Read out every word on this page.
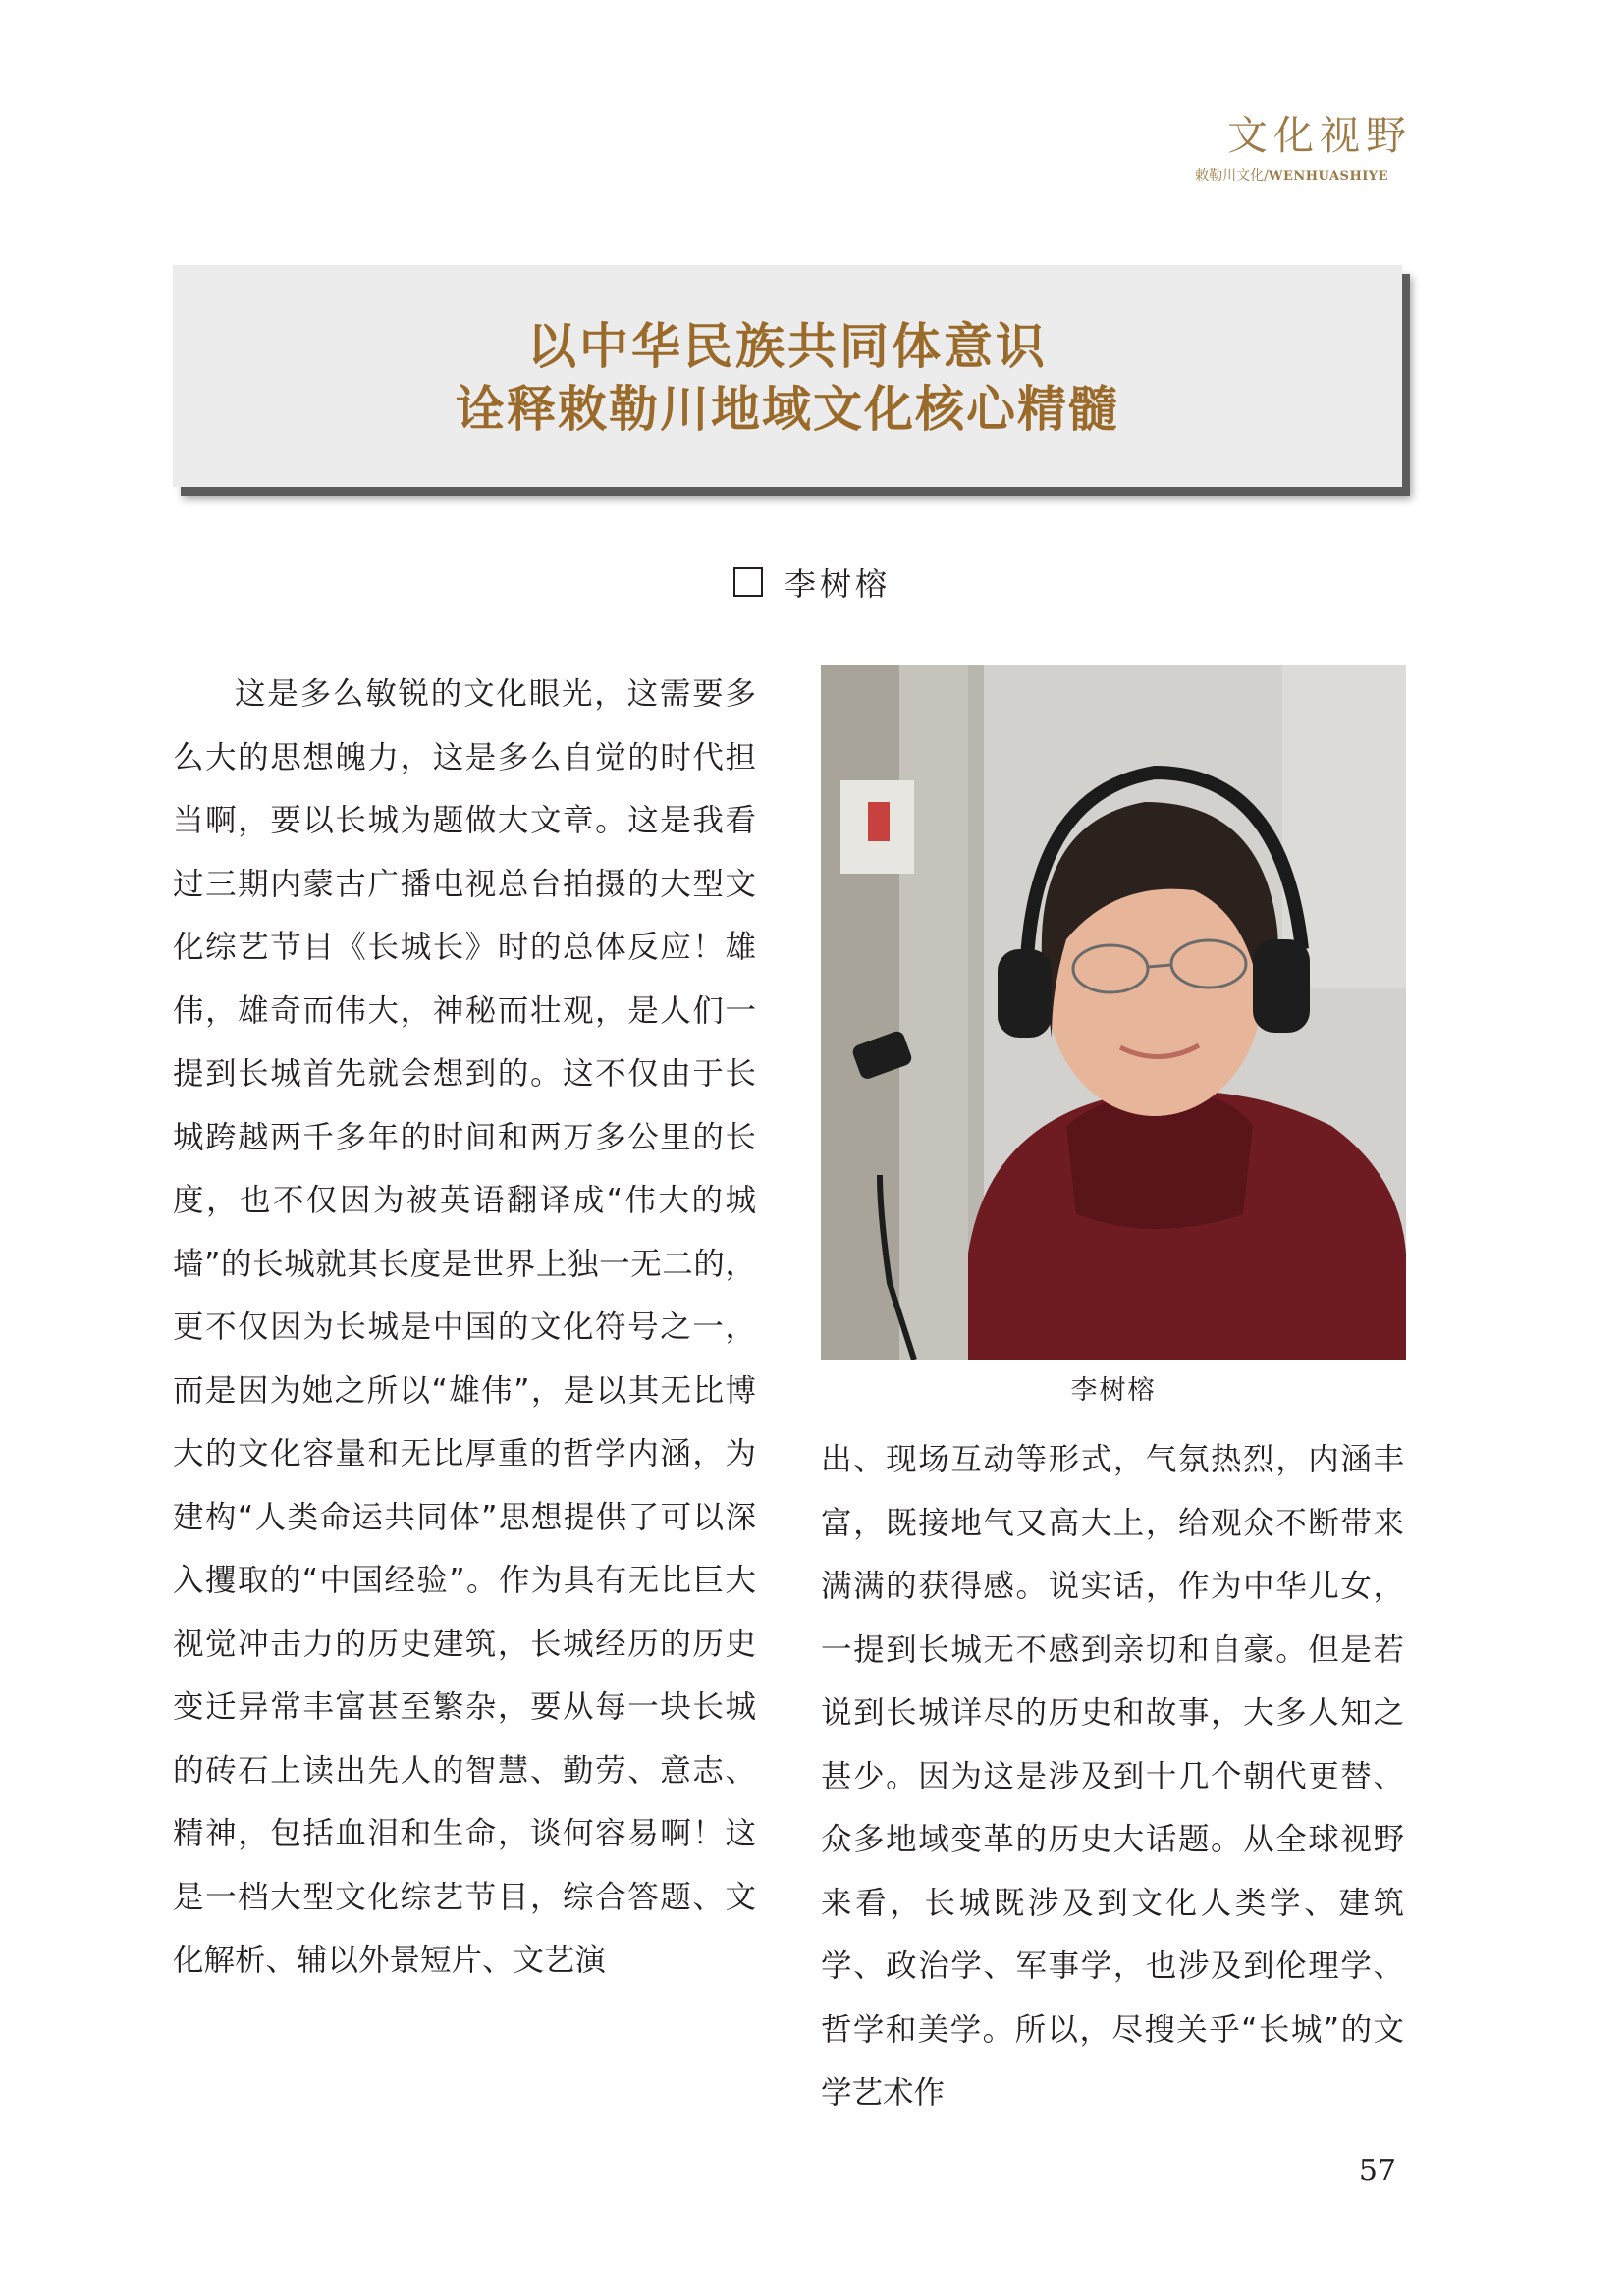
文化视野
敕勒川文化/WENHUASHIYE
以中华民族共同体意识
诠释敕勒川地域文化核心精髓
李树榕

这是多么敏锐的文化眼光，这需要多么大的思想魄力，这是多么自觉的时代担当啊，要以长城为题做大文章。这是我看过三期内蒙古广播电视总台拍摄的大型文化综艺节目《长城长》时的总体反应！雄伟，雄奇而伟大，神秘而壮观，是人们一提到长城首先就会想到的。这不仅由于长城跨越两千多年的时间和两万多公里的长度，也不仅因为被英语翻译成“伟大的城墙”的长城就其长度是世界上独一无二的，更不仅因为长城是中国的文化符号之一，而是因为她之所以“雄伟”，是以其无比博大的文化容量和无比厚重的哲学内涵，为建构“人类命运共同体”思想提供了可以深入攫取的“中国经验”。作为具有无比巨大视觉冲击力的历史建筑，长城经历的历史变迁异常丰富甚至繁杂，要从每一块长城的砖石上读出先人的智慧、勤劳、意志、精神，包括血泪和生命，谈何容易啊！这是一档大型文化综艺节目，综合答题、文化解析、辅以外景短片、文艺演

李树榕

出、现场互动等形式，气氛热烈，内涵丰富，既接地气又高大上，给观众不断带来满满的获得感。说实话，作为中华儿女，一提到长城无不感到亲切和自豪。但是若说到长城详尽的历史和故事，大多人知之甚少。因为这是涉及到十几个朝代更替、众多地域变革的历史大话题。从全球视野来看，长城既涉及到文化人类学、建筑学、政治学、军事学，也涉及到伦理学、哲学和美学。所以，尽搜关乎“长城”的文学艺术作

57
